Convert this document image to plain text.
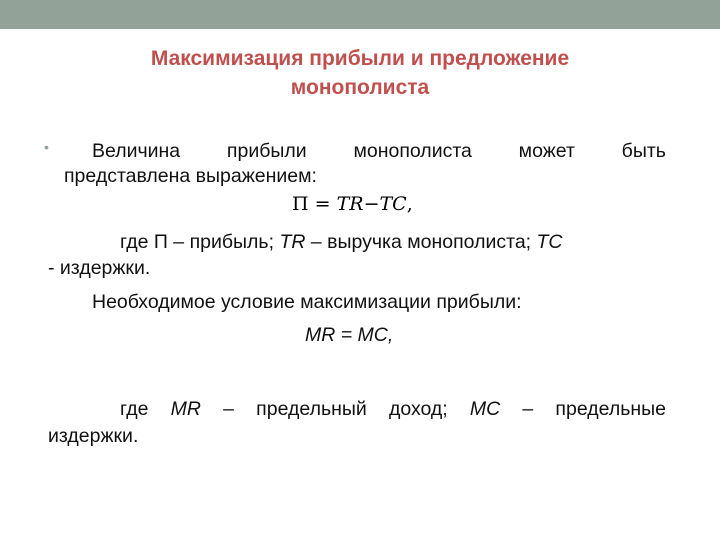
Максимизация прибыли и предложение монополиста
• Величина прибыли монополиста может быть
представлена выражением:
Π = TR−TC,
где П – прибыль; TR – выручка монополиста; TC
- издержки.
Необходимое условие максимизации прибыли:
MR = MC,
где MR – предельный доход; MC – предельные
издержки.
